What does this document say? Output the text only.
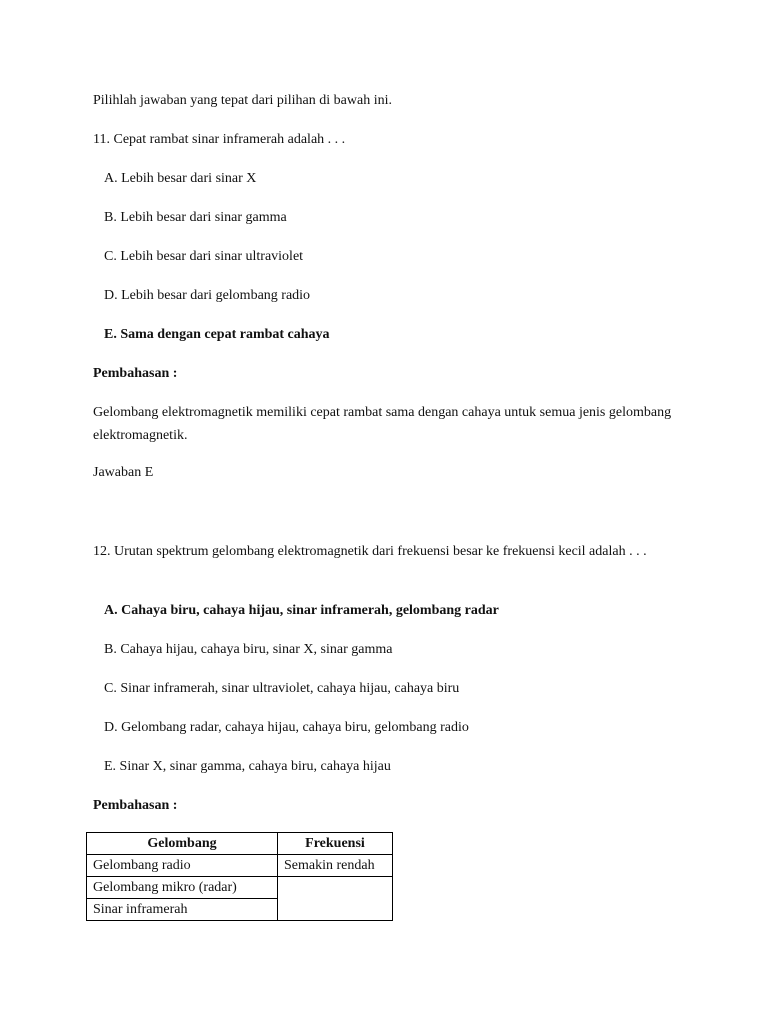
Pilihlah jawaban yang tepat dari pilihan di bawah ini.
11. Cepat rambat sinar inframerah adalah . . .
A. Lebih besar dari sinar X
B. Lebih besar dari sinar gamma
C. Lebih besar dari sinar ultraviolet
D. Lebih besar dari gelombang radio
E. Sama dengan cepat rambat cahaya
Pembahasan :
Gelombang elektromagnetik memiliki cepat rambat sama dengan cahaya untuk semua jenis gelombang elektromagnetik.
Jawaban E
12. Urutan spektrum gelombang elektromagnetik dari frekuensi besar ke frekuensi kecil adalah . . .
A. Cahaya biru, cahaya hijau, sinar inframerah, gelombang radar
B. Cahaya hijau, cahaya biru, sinar X, sinar gamma
C. Sinar inframerah, sinar ultraviolet, cahaya hijau, cahaya biru
D. Gelombang radar, cahaya hijau, cahaya biru, gelombang radio
E. Sinar X, sinar gamma, cahaya biru, cahaya hijau
Pembahasan :
Gelombang	Frekuensi
Gelombang radio	Semakin rendah
Gelombang mikro (radar)	
Sinar inframerah	
